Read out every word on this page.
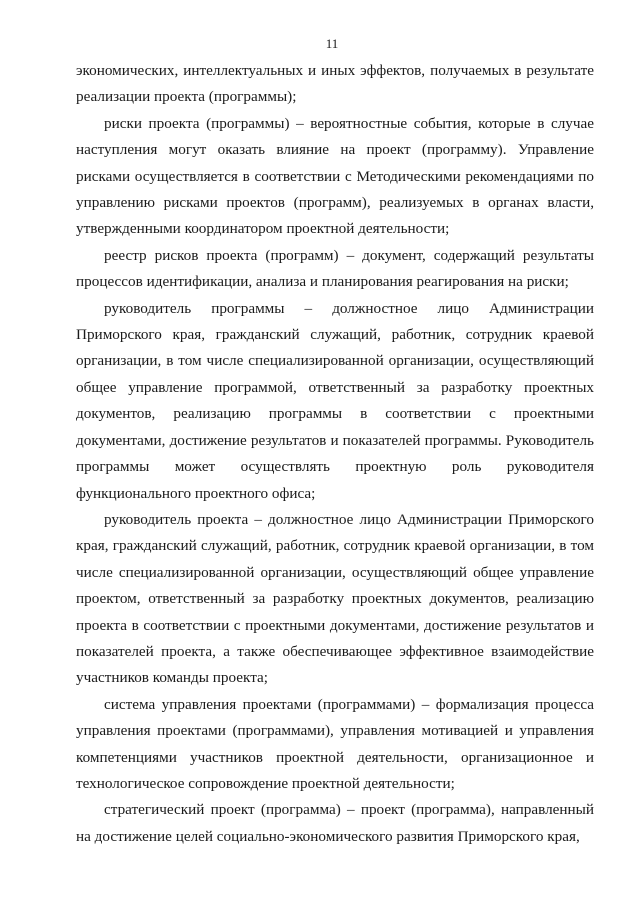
11

экономических, интеллектуальных и иных эффектов, получаемых в результате реализации проекта (программы);

риски проекта (программы) – вероятностные события, которые в случае наступления могут оказать влияние на проект (программу). Управление рисками осуществляется в соответствии с Методическими рекомендациями по управлению рисками проектов (программ), реализуемых в органах власти, утвержденными координатором проектной деятельности;

реестр рисков проекта (программ) – документ, содержащий результаты процессов идентификации, анализа и планирования реагирования на риски;

руководитель программы – должностное лицо Администрации Приморского края, гражданский служащий, работник, сотрудник краевой организации, в том числе специализированной организации, осуществляющий общее управление программой, ответственный за разработку проектных документов, реализацию программы в соответствии с проектными документами, достижение результатов и показателей программы. Руководитель программы может осуществлять проектную роль руководителя функционального проектного офиса;

руководитель проекта – должностное лицо Администрации Приморского края, гражданский служащий, работник, сотрудник краевой организации, в том числе специализированной организации, осуществляющий общее управление проектом, ответственный за разработку проектных документов, реализацию проекта в соответствии с проектными документами, достижение результатов и показателей проекта, а также обеспечивающее эффективное взаимодействие участников команды проекта;

система управления проектами (программами) – формализация процесса управления проектами (программами), управления мотивацией и управления компетенциями участников проектной деятельности, организационное и технологическое сопровождение проектной деятельности;

стратегический проект (программа) – проект (программа), направленный на достижение целей социально-экономического развития Приморского края,
